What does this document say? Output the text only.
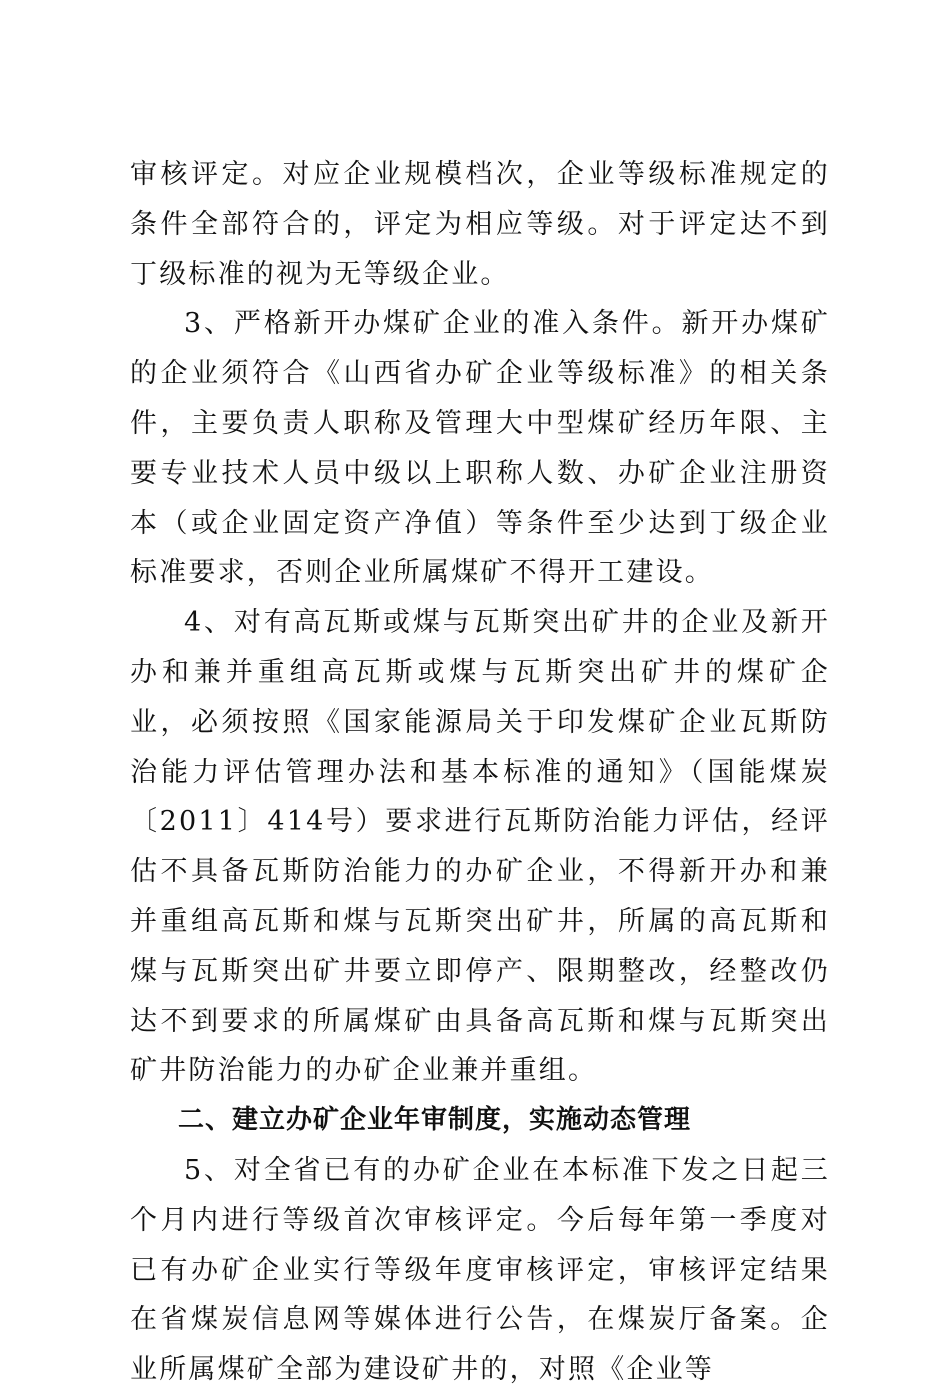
审核评定。对应企业规模档次，企业等级标准规定的条件全部符合的，评定为相应等级。对于评定达不到丁级标准的视为无等级企业。

3、严格新开办煤矿企业的准入条件。新开办煤矿的企业须符合《山西省办矿企业等级标准》的相关条件，主要负责人职称及管理大中型煤矿经历年限、主要专业技术人员中级以上职称人数、办矿企业注册资本（或企业固定资产净值）等条件至少达到丁级企业标准要求，否则企业所属煤矿不得开工建设。

4、对有高瓦斯或煤与瓦斯突出矿井的企业及新开办和兼并重组高瓦斯或煤与瓦斯突出矿井的煤矿企业，必须按照《国家能源局关于印发煤矿企业瓦斯防治能力评估管理办法和基本标准的通知》（国能煤炭〔2011〕414号）要求进行瓦斯防治能力评估，经评估不具备瓦斯防治能力的办矿企业，不得新开办和兼并重组高瓦斯和煤与瓦斯突出矿井，所属的高瓦斯和煤与瓦斯突出矿井要立即停产、限期整改，经整改仍达不到要求的所属煤矿由具备高瓦斯和煤与瓦斯突出矿井防治能力的办矿企业兼并重组。

二、建立办矿企业年审制度，实施动态管理

5、对全省已有的办矿企业在本标准下发之日起三个月内进行等级首次审核评定。今后每年第一季度对已有办矿企业实行等级年度审核评定，审核评定结果在省煤炭信息网等媒体进行公告，在煤炭厅备案。企业所属煤矿全部为建设矿井的，对照《企业等
